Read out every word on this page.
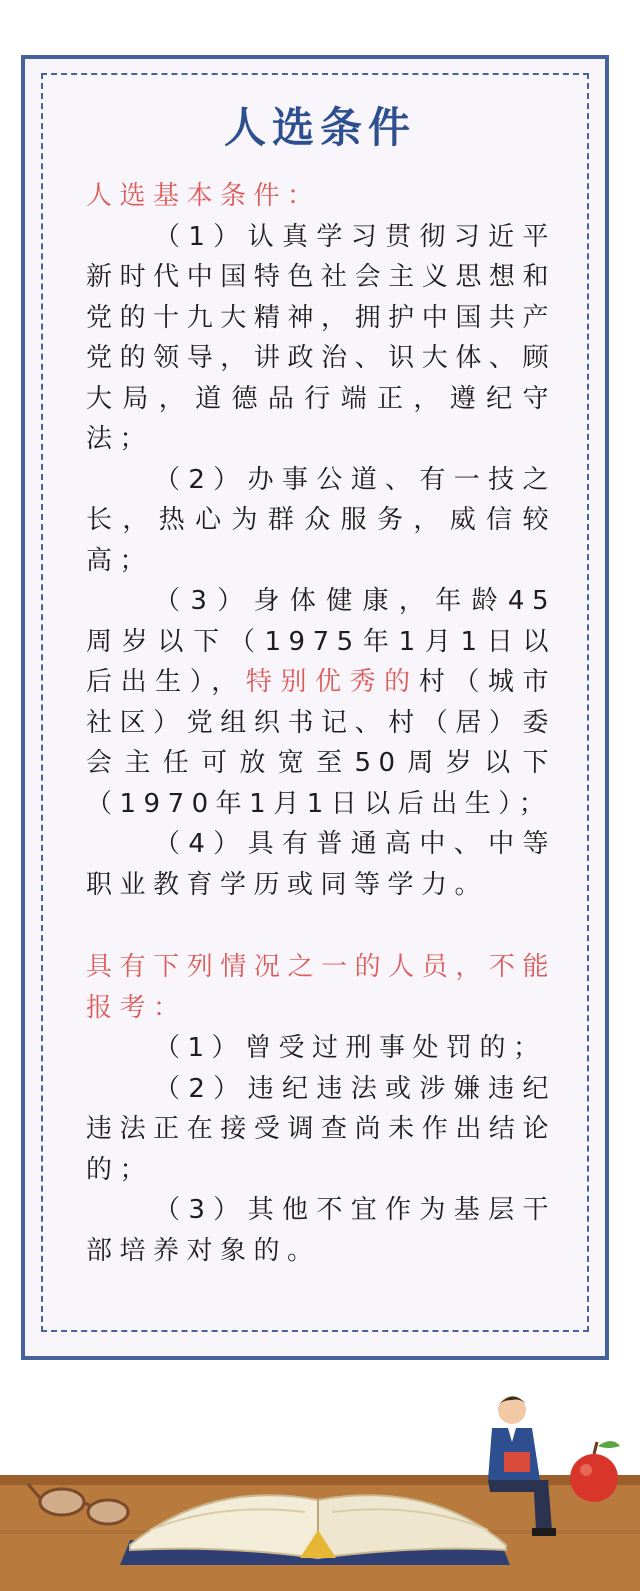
人选条件

人选基本条件：

（1）认真学习贯彻习近平新时代中国特色社会主义思想和党的十九大精神，拥护中国共产党的领导，讲政治、识大体、顾大局，道德品行端正，遵纪守法；

（2）办事公道、有一技之长，热心为群众服务，威信较高；

（3）身体健康，年龄45周岁以下（1975年1月1日以后出生），特别优秀的村（城市社区）党组织书记、村（居）委会主任可放宽至50周岁以下（1970年1月1日以后出生）；

（4）具有普通高中、中等职业教育学历或同等学力。

具有下列情况之一的人员，不能报考：

（1）曾受过刑事处罚的；

（2）违纪违法或涉嫌违纪违法正在接受调查尚未作出结论的；

（3）其他不宜作为基层干部培养对象的。
